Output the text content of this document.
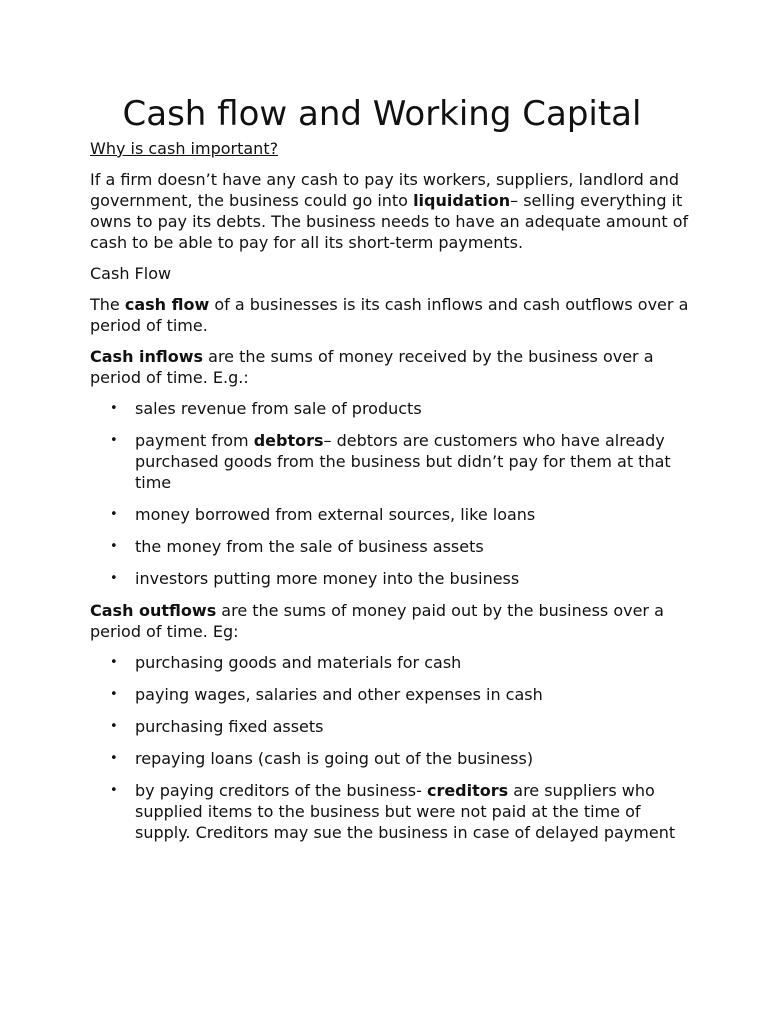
Cash flow and Working Capital

Why is cash important?

If a firm doesn’t have any cash to pay its workers, suppliers, landlord and government, the business could go into liquidation– selling everything it owns to pay its debts. The business needs to have an adequate amount of cash to be able to pay for all its short-term payments.

Cash Flow

The cash flow of a businesses is its cash inflows and cash outflows over a period of time.

Cash inflows are the sums of money received by the business over a period of time. E.g.:

• sales revenue from sale of products
• payment from debtors– debtors are customers who have already purchased goods from the business but didn’t pay for them at that time
• money borrowed from external sources, like loans
• the money from the sale of business assets
• investors putting more money into the business

Cash outflows are the sums of money paid out by the business over a period of time. Eg:

• purchasing goods and materials for cash
• paying wages, salaries and other expenses in cash
• purchasing fixed assets
• repaying loans (cash is going out of the business)
• by paying creditors of the business- creditors are suppliers who supplied items to the business but were not paid at the time of supply. Creditors may sue the business in case of delayed payment
